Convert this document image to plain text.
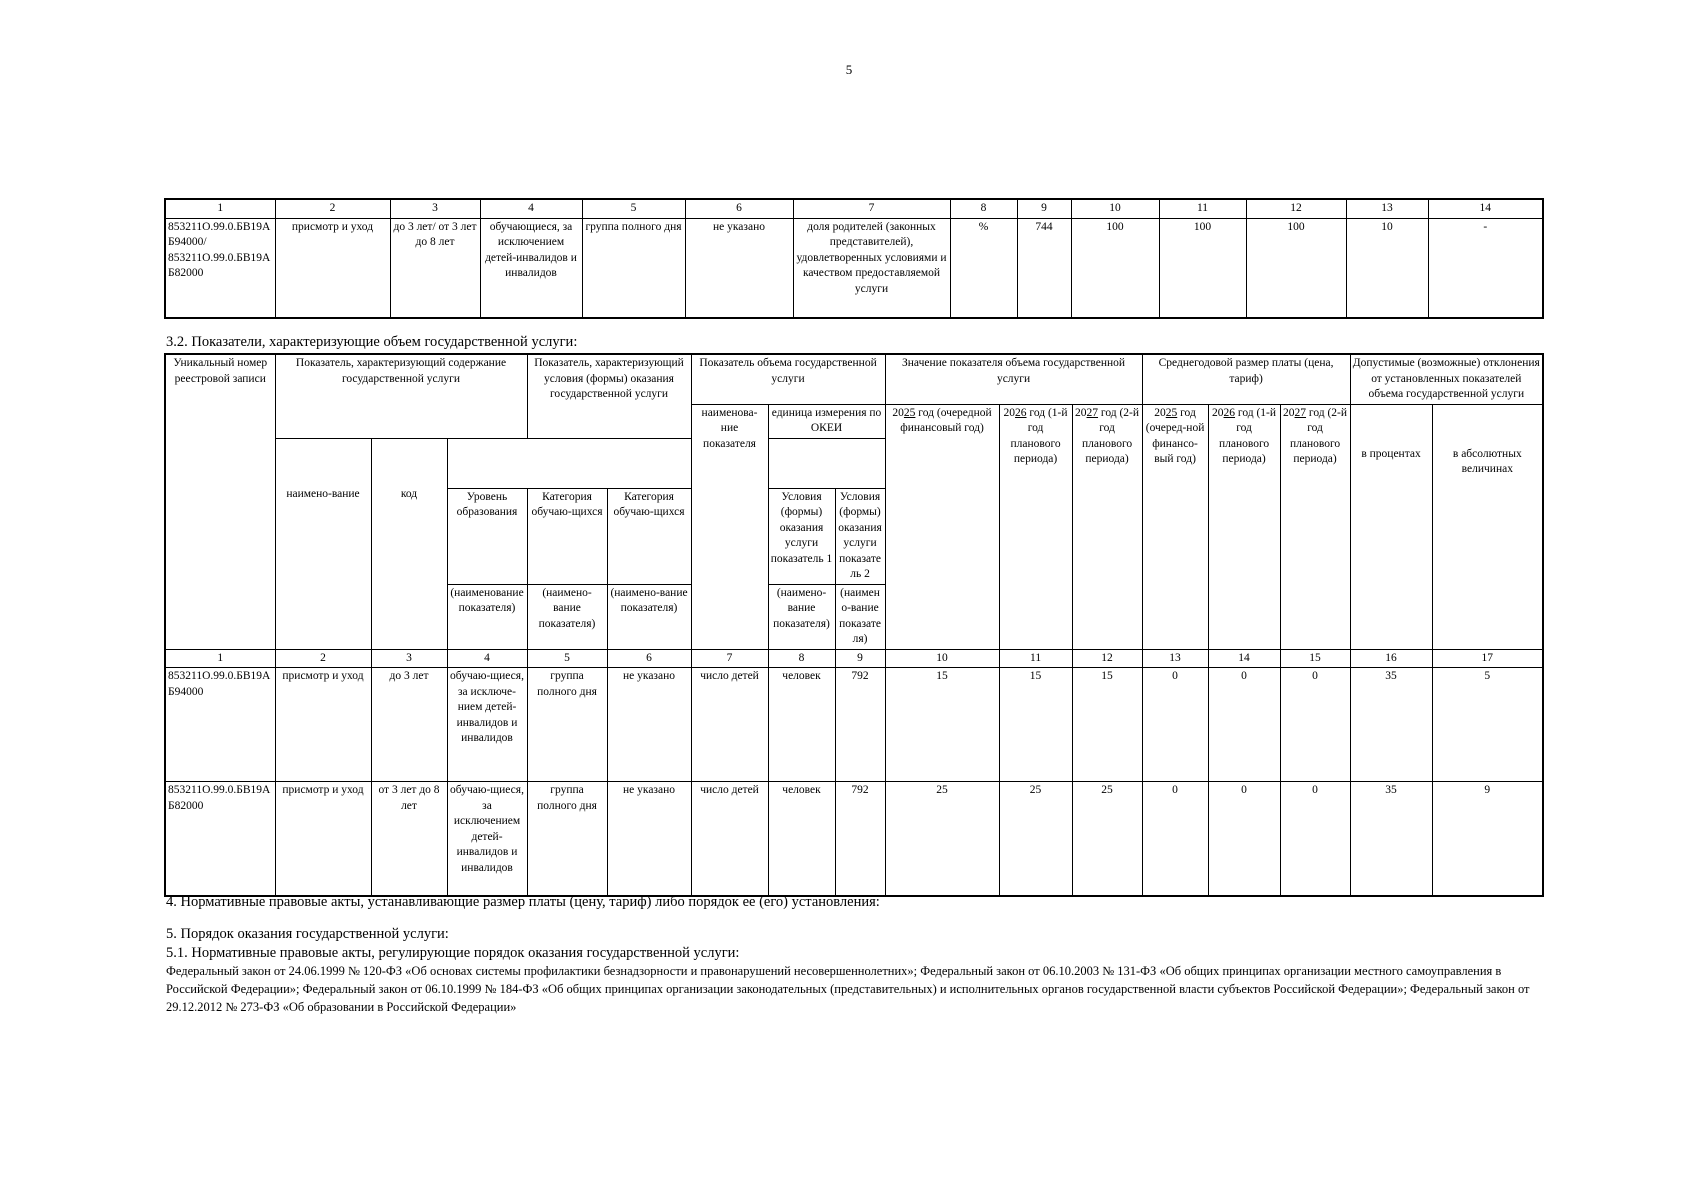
5
1	2	3	4	5	6	7	8	9	10	11	12	13	14
853211О.99.0.БВ19АБ94000/ 853211О.99.0.БВ19АБ82000	присмотр и уход	до 3 лет/ от 3 лет до 8 лет	обучающиеся, за исключением детей-инвалидов и инвалидов	группа полного дня	не указано	доля родителей (законных представителей), удовлетворенных условиями и качеством предоставляемой услуги	%	744	100	100	100	10	-
3.2. Показатели, характеризующие объем государственной услуги:
Уникальный номер реестровой записи	Показатель, характеризующий содержание государственной услуги			Показатель, характеризующий условия (формы) оказания государственной услуги		Показатель объема государственной услуги			Значение показателя объема государственной услуги			Среднегодовой размер платы (цена, тариф)			Допустимые (возможные) отклонения от установленных показателей объема государственной услуги	
						наименова-ние показателя	единица измерения по ОКЕИ		2025 год (очередной финансовый год)	2026 год (1-й год планового периода)	2027 год (2-й год планового периода)	2025 год (очеред-ной финансо-вый год)	2026 год (1-й год планового периода)	2027 год (2-й год планового периода)	в процентах	в абсолютных величинах
	наимено-вание	код														
			Уровень образования	Категория обучаю-щихся	Категория обучаю-щихся		Условия (формы) оказания услуги показатель 1	Условия (формы) оказания услуги показатель 2								
			(наименование показателя)	(наимено-вание показателя)	(наимено-вание показателя)		(наимено-вание показателя)	(наимено-вание показателя)								
1	2	3	4	5	6	7	8	9	10	11	12	13	14	15	16	17
853211О.99.0.БВ19АБ94000	присмотр и уход	до 3 лет	обучаю-щиеся, за исключе-нием детей-инвалидов и инвалидов	группа полного дня	не указано	число детей	человек	792	15	15	15	0	0	0	35	5
853211О.99.0.БВ19АБ82000	присмотр и уход	от 3 лет до 8 лет	обучаю-щиеся, за исключением детей-инвалидов и инвалидов	группа полного дня	не указано	число детей	человек	792	25	25	25	0	0	0	35	9
4. Нормативные правовые акты, устанавливающие размер платы (цену, тариф) либо порядок ее (его) установления:
5. Порядок оказания государственной услуги:
5.1. Нормативные правовые акты, регулирующие порядок оказания государственной услуги:
Федеральный закон от 24.06.1999 № 120-ФЗ «Об основах системы профилактики безнадзорности и правонарушений несовершеннолетних»; Федеральный закон от 06.10.2003 № 131-ФЗ «Об общих принципах организации местного самоуправления в Российской Федерации»; Федеральный закон от 06.10.1999 № 184-ФЗ «Об общих принципах организации законодательных (представительных) и исполнительных органов государственной власти субъектов Российской Федерации»; Федеральный закон от 29.12.2012 № 273-ФЗ «Об образовании в Российской Федерации»
